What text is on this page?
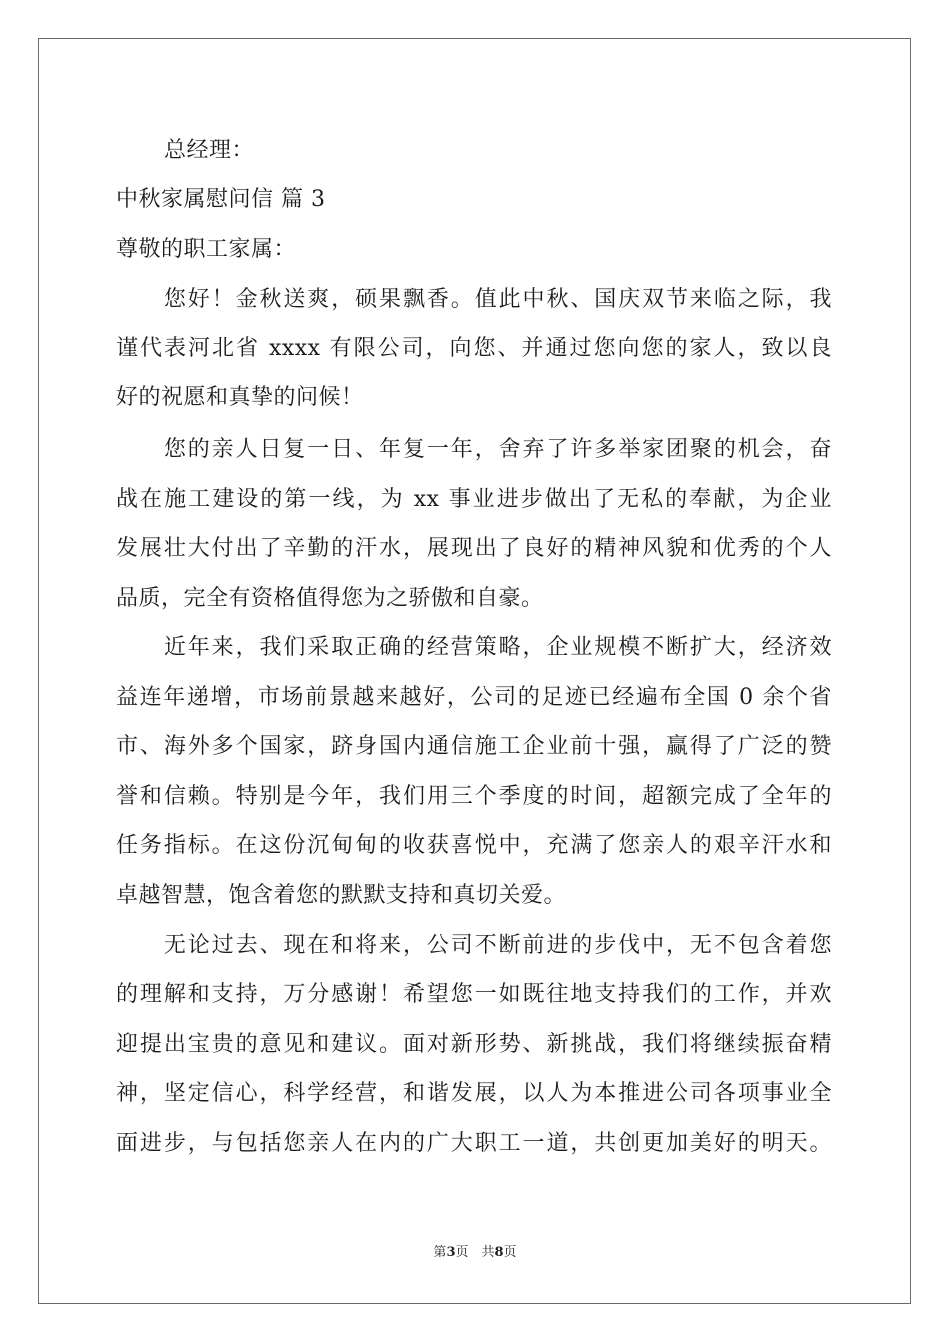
总经理：
中秋家属慰问信 篇 3
尊敬的职工家属：
　　您好！金秋送爽，硕果飘香。值此中秋、国庆双节来临之际，我
谨代表河北省 xxxx 有限公司，向您、并通过您向您的家人，致以良
好的祝愿和真挚的问候！
　　您的亲人日复一日、年复一年，舍弃了许多举家团聚的机会，奋
战在施工建设的第一线，为 xx 事业进步做出了无私的奉献，为企业
发展壮大付出了辛勤的汗水，展现出了良好的精神风貌和优秀的个人
品质，完全有资格值得您为之骄傲和自豪。
　　近年来，我们采取正确的经营策略，企业规模不断扩大，经济效
益连年递增，市场前景越来越好，公司的足迹已经遍布全国 0 余个省
市、海外多个国家，跻身国内通信施工企业前十强，赢得了广泛的赞
誉和信赖。特别是今年，我们用三个季度的时间，超额完成了全年的
任务指标。在这份沉甸甸的收获喜悦中，充满了您亲人的艰辛汗水和
卓越智慧，饱含着您的默默支持和真切关爱。
　　无论过去、现在和将来，公司不断前进的步伐中，无不包含着您
的理解和支持，万分感谢！希望您一如既往地支持我们的工作，并欢
迎提出宝贵的意见和建议。面对新形势、新挑战，我们将继续振奋精
神，坚定信心，科学经营，和谐发展，以人为本推进公司各项事业全
面进步，与包括您亲人在内的广大职工一道，共创更加美好的明天。
第3页　共8页
